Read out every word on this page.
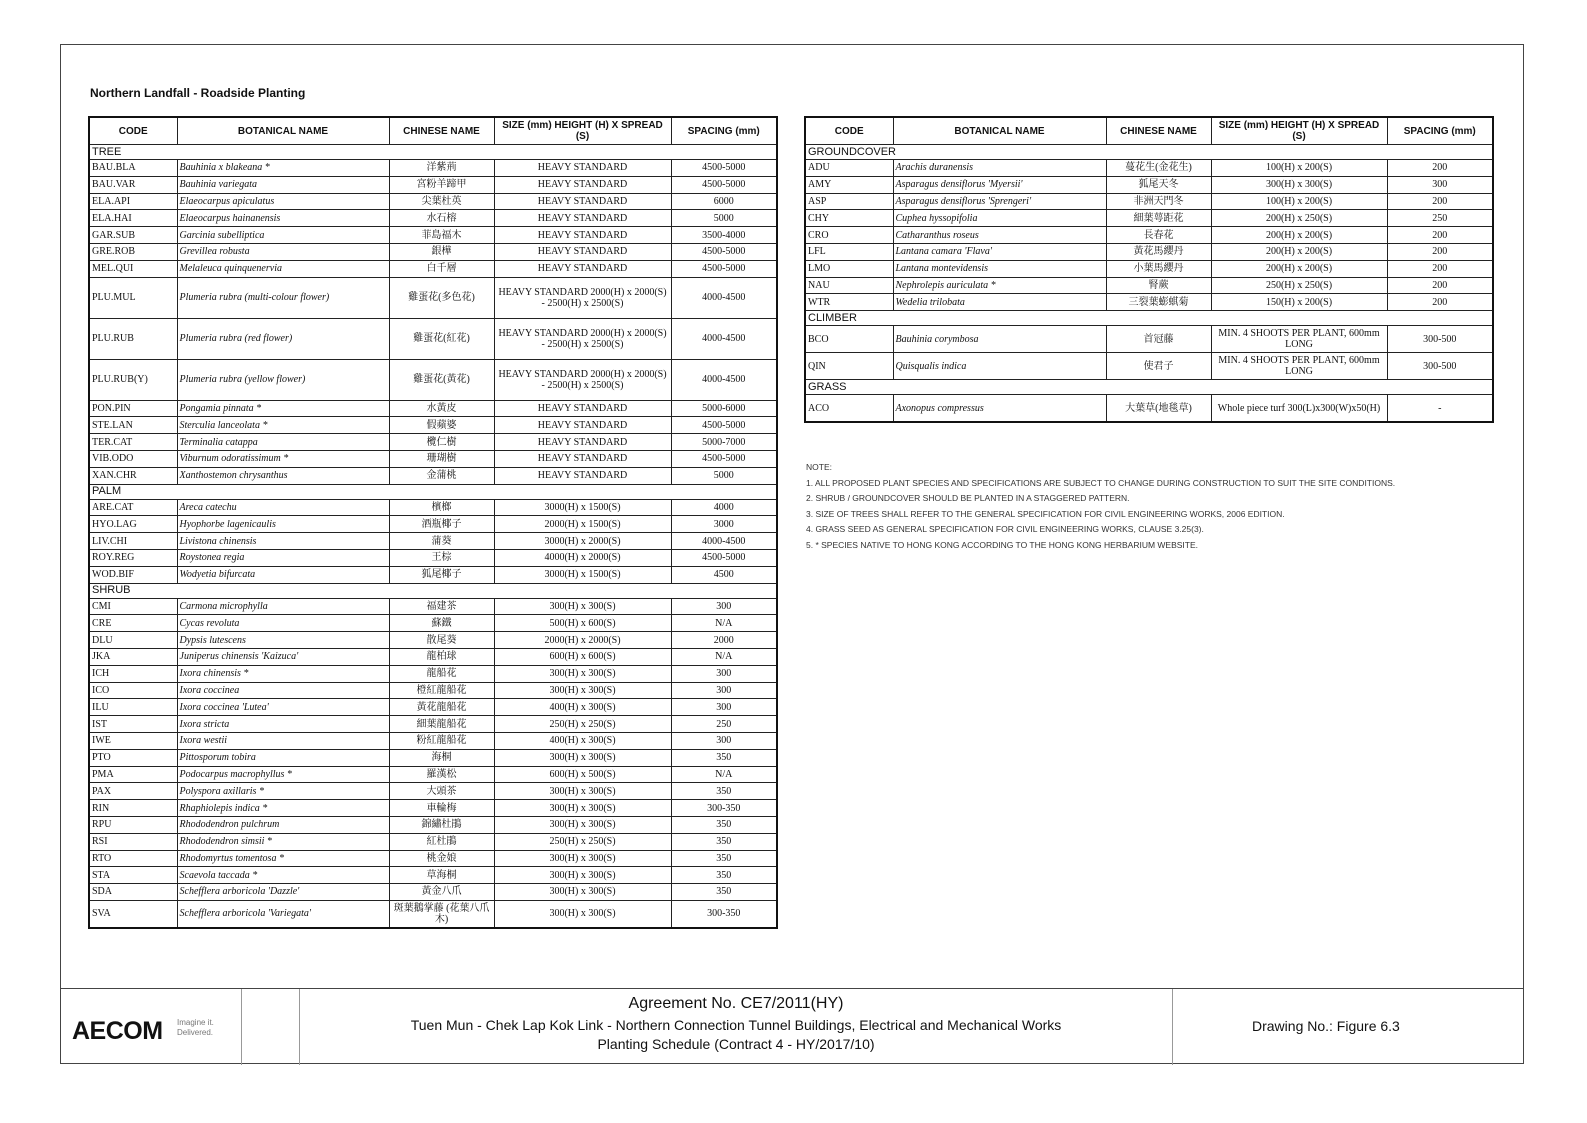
Northern Landfall - Roadside Planting
CODE	BOTANICAL NAME	CHINESE NAME	SIZE (mm) HEIGHT (H) X SPREAD (S)	SPACING (mm)
TREE				
BAU.BLA	Bauhinia x blakeana *	洋紫荊	HEAVY STANDARD	4500-5000
BAU.VAR	Bauhinia variegata	宮粉羊蹄甲	HEAVY STANDARD	4500-5000
ELA.API	Elaeocarpus apiculatus	尖葉杜英	HEAVY STANDARD	6000
ELA.HAI	Elaeocarpus hainanensis	水石榕	HEAVY STANDARD	5000
GAR.SUB	Garcinia subelliptica	菲島福木	HEAVY STANDARD	3500-4000
GRE.ROB	Grevillea robusta	銀樺	HEAVY STANDARD	4500-5000
MEL.QUI	Melaleuca quinquenervia	白千層	HEAVY STANDARD	4500-5000
PLU.MUL	Plumeria rubra (multi-colour flower)	雞蛋花(多色花)	HEAVY STANDARD 2000(H) x 2000(S) - 2500(H) x 2500(S)	4000-4500
PLU.RUB	Plumeria rubra (red flower)	雞蛋花(紅花)	HEAVY STANDARD 2000(H) x 2000(S) - 2500(H) x 2500(S)	4000-4500
PLU.RUB(Y)	Plumeria rubra (yellow flower)	雞蛋花(黃花)	HEAVY STANDARD 2000(H) x 2000(S) - 2500(H) x 2500(S)	4000-4500
PON.PIN	Pongamia pinnata *	水黃皮	HEAVY STANDARD	5000-6000
STE.LAN	Sterculia lanceolata *	假蘋婆	HEAVY STANDARD	4500-5000
TER.CAT	Terminalia catappa	欖仁樹	HEAVY STANDARD	5000-7000
VIB.ODO	Viburnum odoratissimum *	珊瑚樹	HEAVY STANDARD	4500-5000
XAN.CHR	Xanthostemon chrysanthus	金蒲桃	HEAVY STANDARD	5000
PALM				
ARE.CAT	Areca catechu	檳榔	3000(H) x 1500(S)	4000
HYO.LAG	Hyophorbe lagenicaulis	酒瓶椰子	2000(H) x 1500(S)	3000
LIV.CHI	Livistona chinensis	蒲葵	3000(H) x 2000(S)	4000-4500
ROY.REG	Roystonea regia	王棕	4000(H) x 2000(S)	4500-5000
WOD.BIF	Wodyetia bifurcata	狐尾椰子	3000(H) x 1500(S)	4500
SHRUB				
CMI	Carmona microphylla	福建茶	300(H) x 300(S)	300
CRE	Cycas revoluta	蘇鐵	500(H) x 600(S)	N/A
DLU	Dypsis lutescens	散尾葵	2000(H) x 2000(S)	2000
JKA	Juniperus chinensis 'Kaizuca'	龍柏球	600(H) x 600(S)	N/A
ICH	Ixora chinensis *	龍船花	300(H) x 300(S)	300
ICO	Ixora coccinea	橙紅龍船花	300(H) x 300(S)	300
ILU	Ixora coccinea 'Lutea'	黃花龍船花	400(H) x 300(S)	300
IST	Ixora stricta	細葉龍船花	250(H) x 250(S)	250
IWE	Ixora westii	粉紅龍船花	400(H) x 300(S)	300
PTO	Pittosporum tobira	海桐	300(H) x 300(S)	350
PMA	Podocarpus macrophyllus *	羅漢松	600(H) x 500(S)	N/A
PAX	Polyspora axillaris *	大頭茶	300(H) x 300(S)	350
RIN	Rhaphiolepis indica *	車輪梅	300(H) x 300(S)	300-350
RPU	Rhododendron pulchrum	錦繡杜鵑	300(H) x 300(S)	350
RSI	Rhododendron simsii *	紅杜鵑	250(H) x 250(S)	350
RTO	Rhodomyrtus tomentosa *	桃金娘	300(H) x 300(S)	350
STA	Scaevola taccada *	草海桐	300(H) x 300(S)	350
SDA	Schefflera arboricola 'Dazzle'	黃金八爪	300(H) x 300(S)	350
SVA	Schefflera arboricola 'Variegata'	斑葉鵝掌藤 (花葉八爪木)	300(H) x 300(S)	300-350
CODE	BOTANICAL NAME	CHINESE NAME	SIZE (mm) HEIGHT (H) X SPREAD (S)	SPACING (mm)
GROUNDCOVER				
ADU	Arachis duranensis	蔓花生(金花生)	100(H) x 200(S)	200
AMY	Asparagus densiflorus 'Myersii'	狐尾天冬	300(H) x 300(S)	300
ASP	Asparagus densiflorus 'Sprengeri'	非洲天門冬	100(H) x 200(S)	200
CHY	Cuphea hyssopifolia	細葉萼距花	200(H) x 250(S)	250
CRO	Catharanthus roseus	長春花	200(H) x 200(S)	200
LFL	Lantana camara 'Flava'	黃花馬纓丹	200(H) x 200(S)	200
LMO	Lantana montevidensis	小葉馬纓丹	200(H) x 200(S)	200
NAU	Nephrolepis auriculata *	腎蕨	250(H) x 250(S)	200
WTR	Wedelia trilobata	三裂葉蟛蜞菊	150(H) x 200(S)	200
CLIMBER				
BCO	Bauhinia corymbosa	首冠藤	MIN. 4 SHOOTS PER PLANT, 600mm LONG	300-500
QIN	Quisqualis indica	使君子	MIN. 4 SHOOTS PER PLANT, 600mm LONG	300-500
GRASS				
ACO	Axonopus compressus	大葉草(地毯草)	Whole piece turf 300(L)x300(W)x50(H)	-
NOTE:
1. ALL PROPOSED PLANT SPECIES AND SPECIFICATIONS ARE SUBJECT TO CHANGE DURING CONSTRUCTION TO SUIT THE SITE CONDITIONS.
2. SHRUB / GROUNDCOVER SHOULD BE PLANTED IN A STAGGERED PATTERN.
3. SIZE OF TREES SHALL REFER TO THE GENERAL SPECIFICATION FOR CIVIL ENGINEERING WORKS, 2006 EDITION.
4. GRASS SEED AS GENERAL SPECIFICATION FOR CIVIL ENGINEERING WORKS, CLAUSE 3.25(3).
5. * SPECIES NATIVE TO HONG KONG ACCORDING TO THE HONG KONG HERBARIUM WEBSITE.
AECOM Imagine it. Delivered.
Agreement No. CE7/2011(HY)
Tuen Mun - Chek Lap Kok Link - Northern Connection Tunnel Buildings, Electrical and Mechanical Works
Planting Schedule (Contract 4 - HY/2017/10)
Drawing No.: Figure 6.3
